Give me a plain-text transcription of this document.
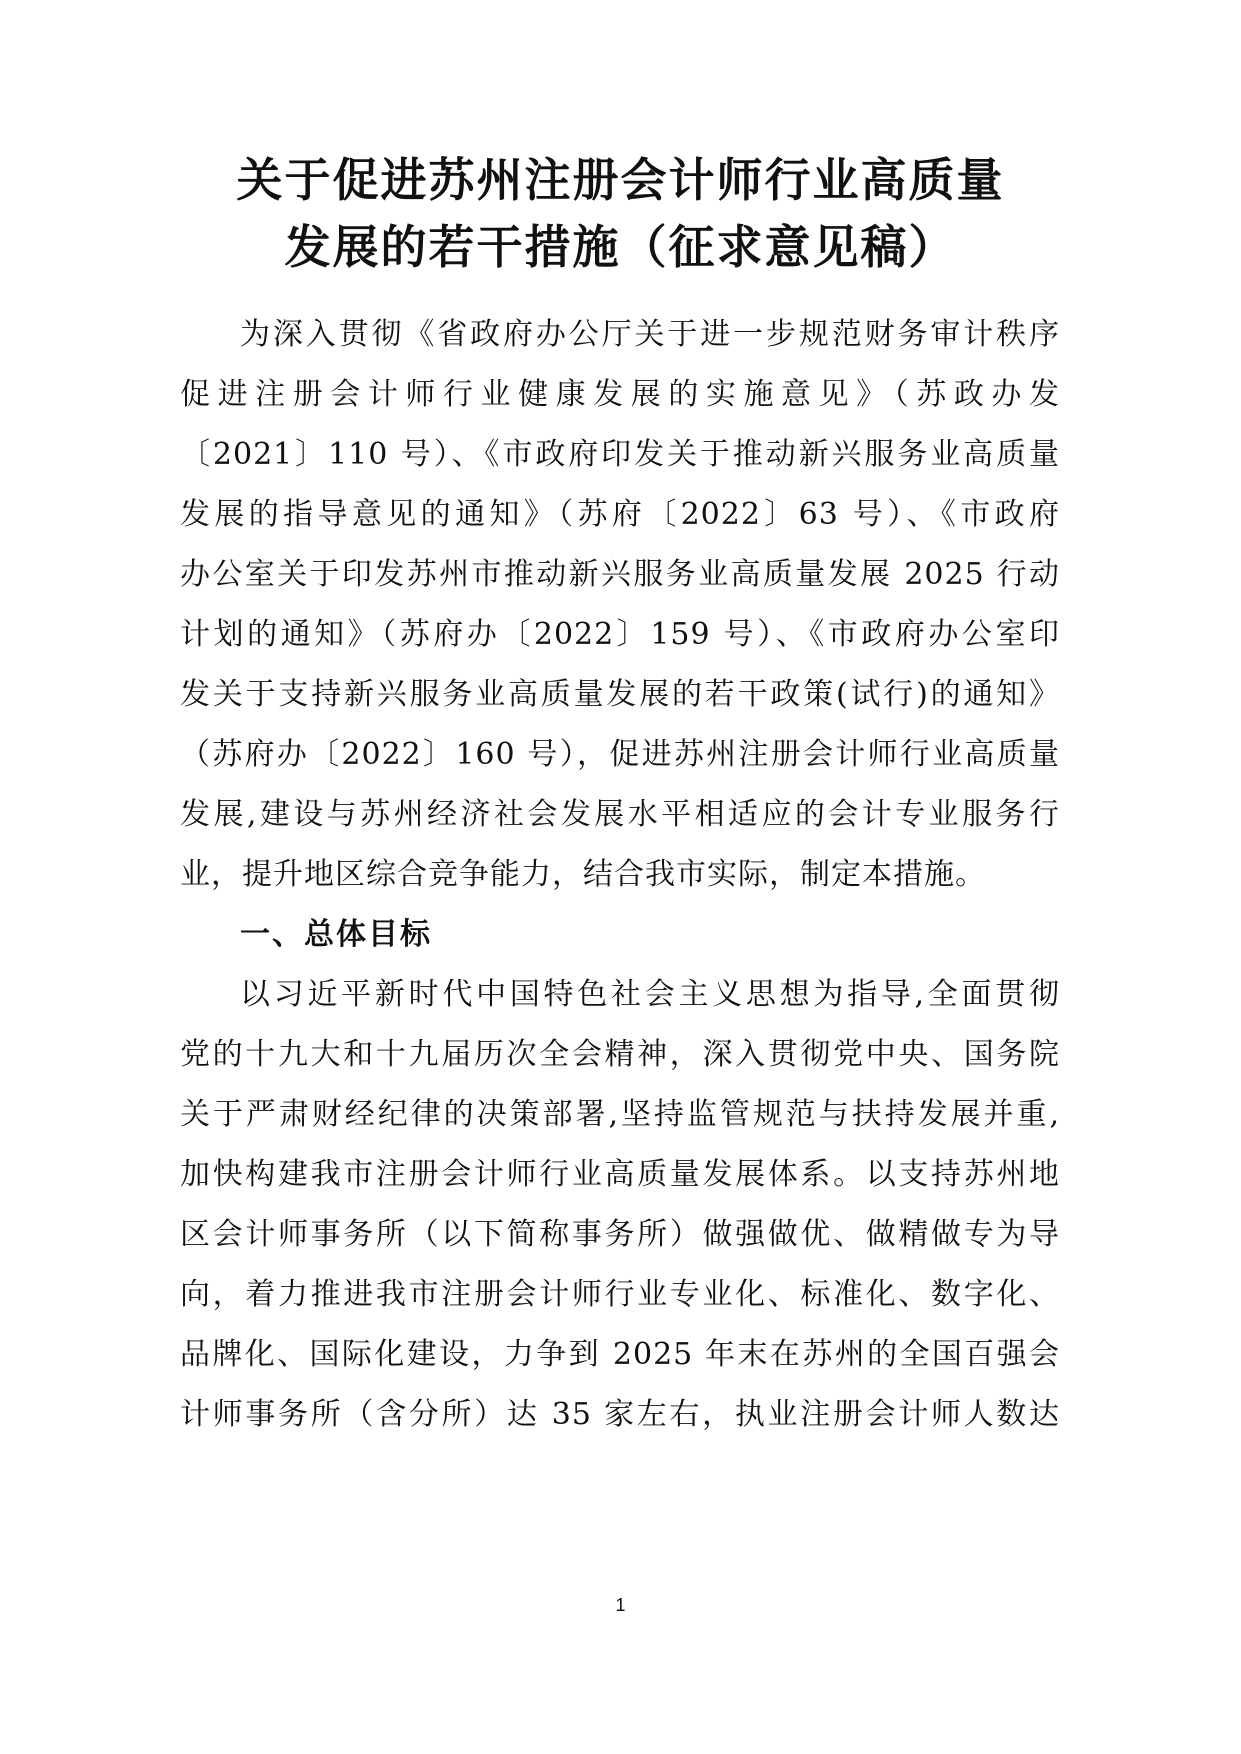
关于促进苏州注册会计师行业高质量
发展的若干措施（征求意见稿）
为深入贯彻《省政府办公厅关于进一步规范财务审计秩序
促进注册会计师行业健康发展的实施意见》（苏政办发
〔2021〕110 号）、《市政府印发关于推动新兴服务业高质量
发展的指导意见的通知》（苏府〔2022〕63 号）、《市政府
办公室关于印发苏州市推动新兴服务业高质量发展 2025 行动
计划的通知》（苏府办〔2022〕159 号）、《市政府办公室印
发关于支持新兴服务业高质量发展的若干政策(试行)的通知》
（苏府办〔2022〕160 号），促进苏州注册会计师行业高质量
发展,建设与苏州经济社会发展水平相适应的会计专业服务行
业，提升地区综合竞争能力，结合我市实际，制定本措施。
一、总体目标
以习近平新时代中国特色社会主义思想为指导,全面贯彻
党的十九大和十九届历次全会精神，深入贯彻党中央、国务院
关于严肃财经纪律的决策部署,坚持监管规范与扶持发展并重,
加快构建我市注册会计师行业高质量发展体系。以支持苏州地
区会计师事务所（以下简称事务所）做强做优、做精做专为导
向，着力推进我市注册会计师行业专业化、标准化、数字化、
品牌化、国际化建设，力争到 2025 年末在苏州的全国百强会
计师事务所（含分所）达 35 家左右，执业注册会计师人数达
1
